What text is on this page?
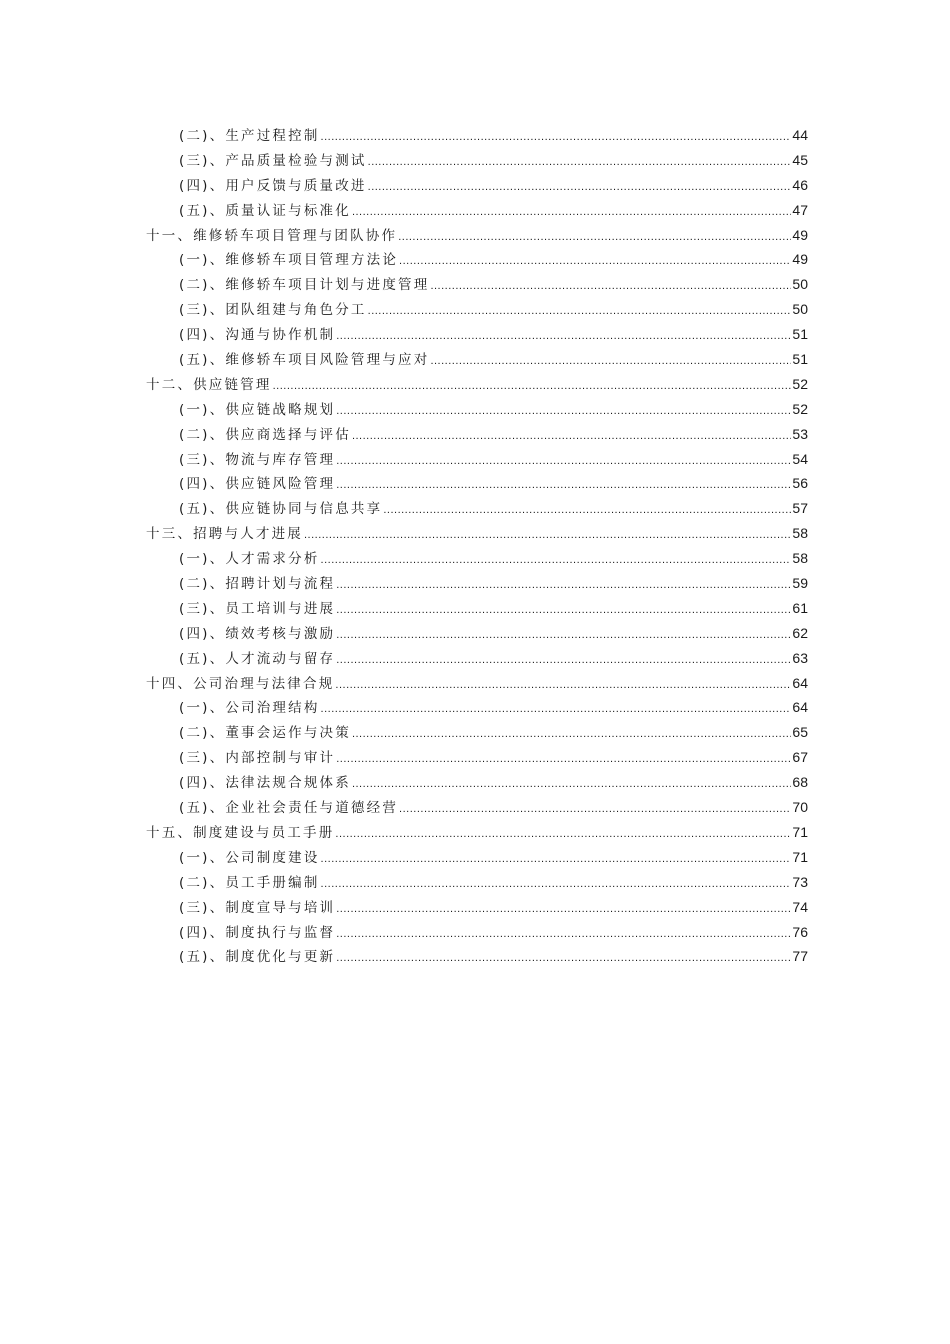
(二)、生产过程控制 .....	44
(三)、产品质量检验与测试 .....	45
(四)、用户反馈与质量改进 .....	46
(五)、质量认证与标准化 .....	47
十一、维修轿车项目管理与团队协作 .....	49
(一)、维修轿车项目管理方法论 .....	49
(二)、维修轿车项目计划与进度管理 .....	50
(三)、团队组建与角色分工 .....	50
(四)、沟通与协作机制 .....	51
(五)、维修轿车项目风险管理与应对 .....	51
十二、供应链管理 .....	52
(一)、供应链战略规划 .....	52
(二)、供应商选择与评估 .....	53
(三)、物流与库存管理 .....	54
(四)、供应链风险管理 .....	56
(五)、供应链协同与信息共享 .....	57
十三、招聘与人才进展 .....	58
(一)、人才需求分析 .....	58
(二)、招聘计划与流程 .....	59
(三)、员工培训与进展 .....	61
(四)、绩效考核与激励 .....	62
(五)、人才流动与留存 .....	63
十四、公司治理与法律合规 .....	64
(一)、公司治理结构 .....	64
(二)、董事会运作与决策 .....	65
(三)、内部控制与审计 .....	67
(四)、法律法规合规体系 .....	68
(五)、企业社会责任与道德经营 .....	70
十五、制度建设与员工手册 .....	71
(一)、公司制度建设 .....	71
(二)、员工手册编制 .....	73
(三)、制度宣导与培训 .....	74
(四)、制度执行与监督 .....	76
(五)、制度优化与更新 .....	77
